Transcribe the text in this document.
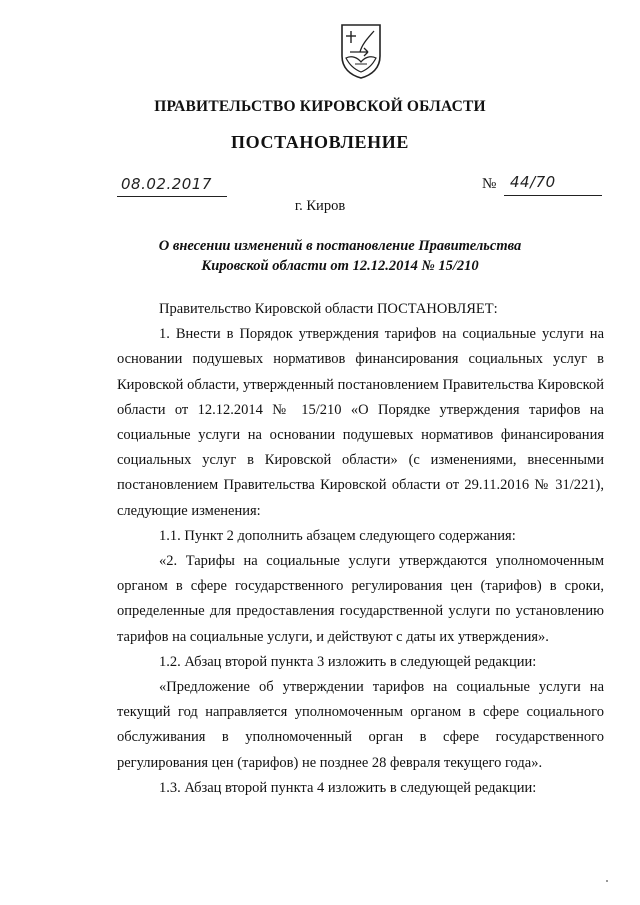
ПРАВИТЕЛЬСТВО КИРОВСКОЙ ОБЛАСТИ
ПОСТАНОВЛЕНИЕ
08.02.2017	№ 44/70
г. Киров
О внесении изменений в постановление Правительства
Кировской области от 12.12.2014 № 15/210

Правительство Кировской области ПОСТАНОВЛЯЕТ:

1. Внести в Порядок утверждения тарифов на социальные услуги на основании подушевых нормативов финансирования социальных услуг в Кировской области, утвержденный постановлением Правительства Кировской области от 12.12.2014 № 15/210 «О Порядке утверждения тарифов на социальные услуги на основании подушевых нормативов финансирования социальных услуг в Кировской области» (с изменениями, внесенными постановлением Правительства Кировской области от 29.11.2016 № 31/221), следующие изменения:

1.1. Пункт 2 дополнить абзацем следующего содержания:

«2. Тарифы на социальные услуги утверждаются уполномоченным органом в сфере государственного регулирования цен (тарифов) в сроки, определенные для предоставления государственной услуги по установлению тарифов на социальные услуги, и действуют с даты их утверждения».

1.2. Абзац второй пункта 3 изложить в следующей редакции:

«Предложение об утверждении тарифов на социальные услуги на текущий год направляется уполномоченным органом в сфере социального обслуживания в уполномоченный орган в сфере государственного регулирования цен (тарифов) не позднее 28 февраля текущего года».

1.3. Абзац второй пункта 4 изложить в следующей редакции:
